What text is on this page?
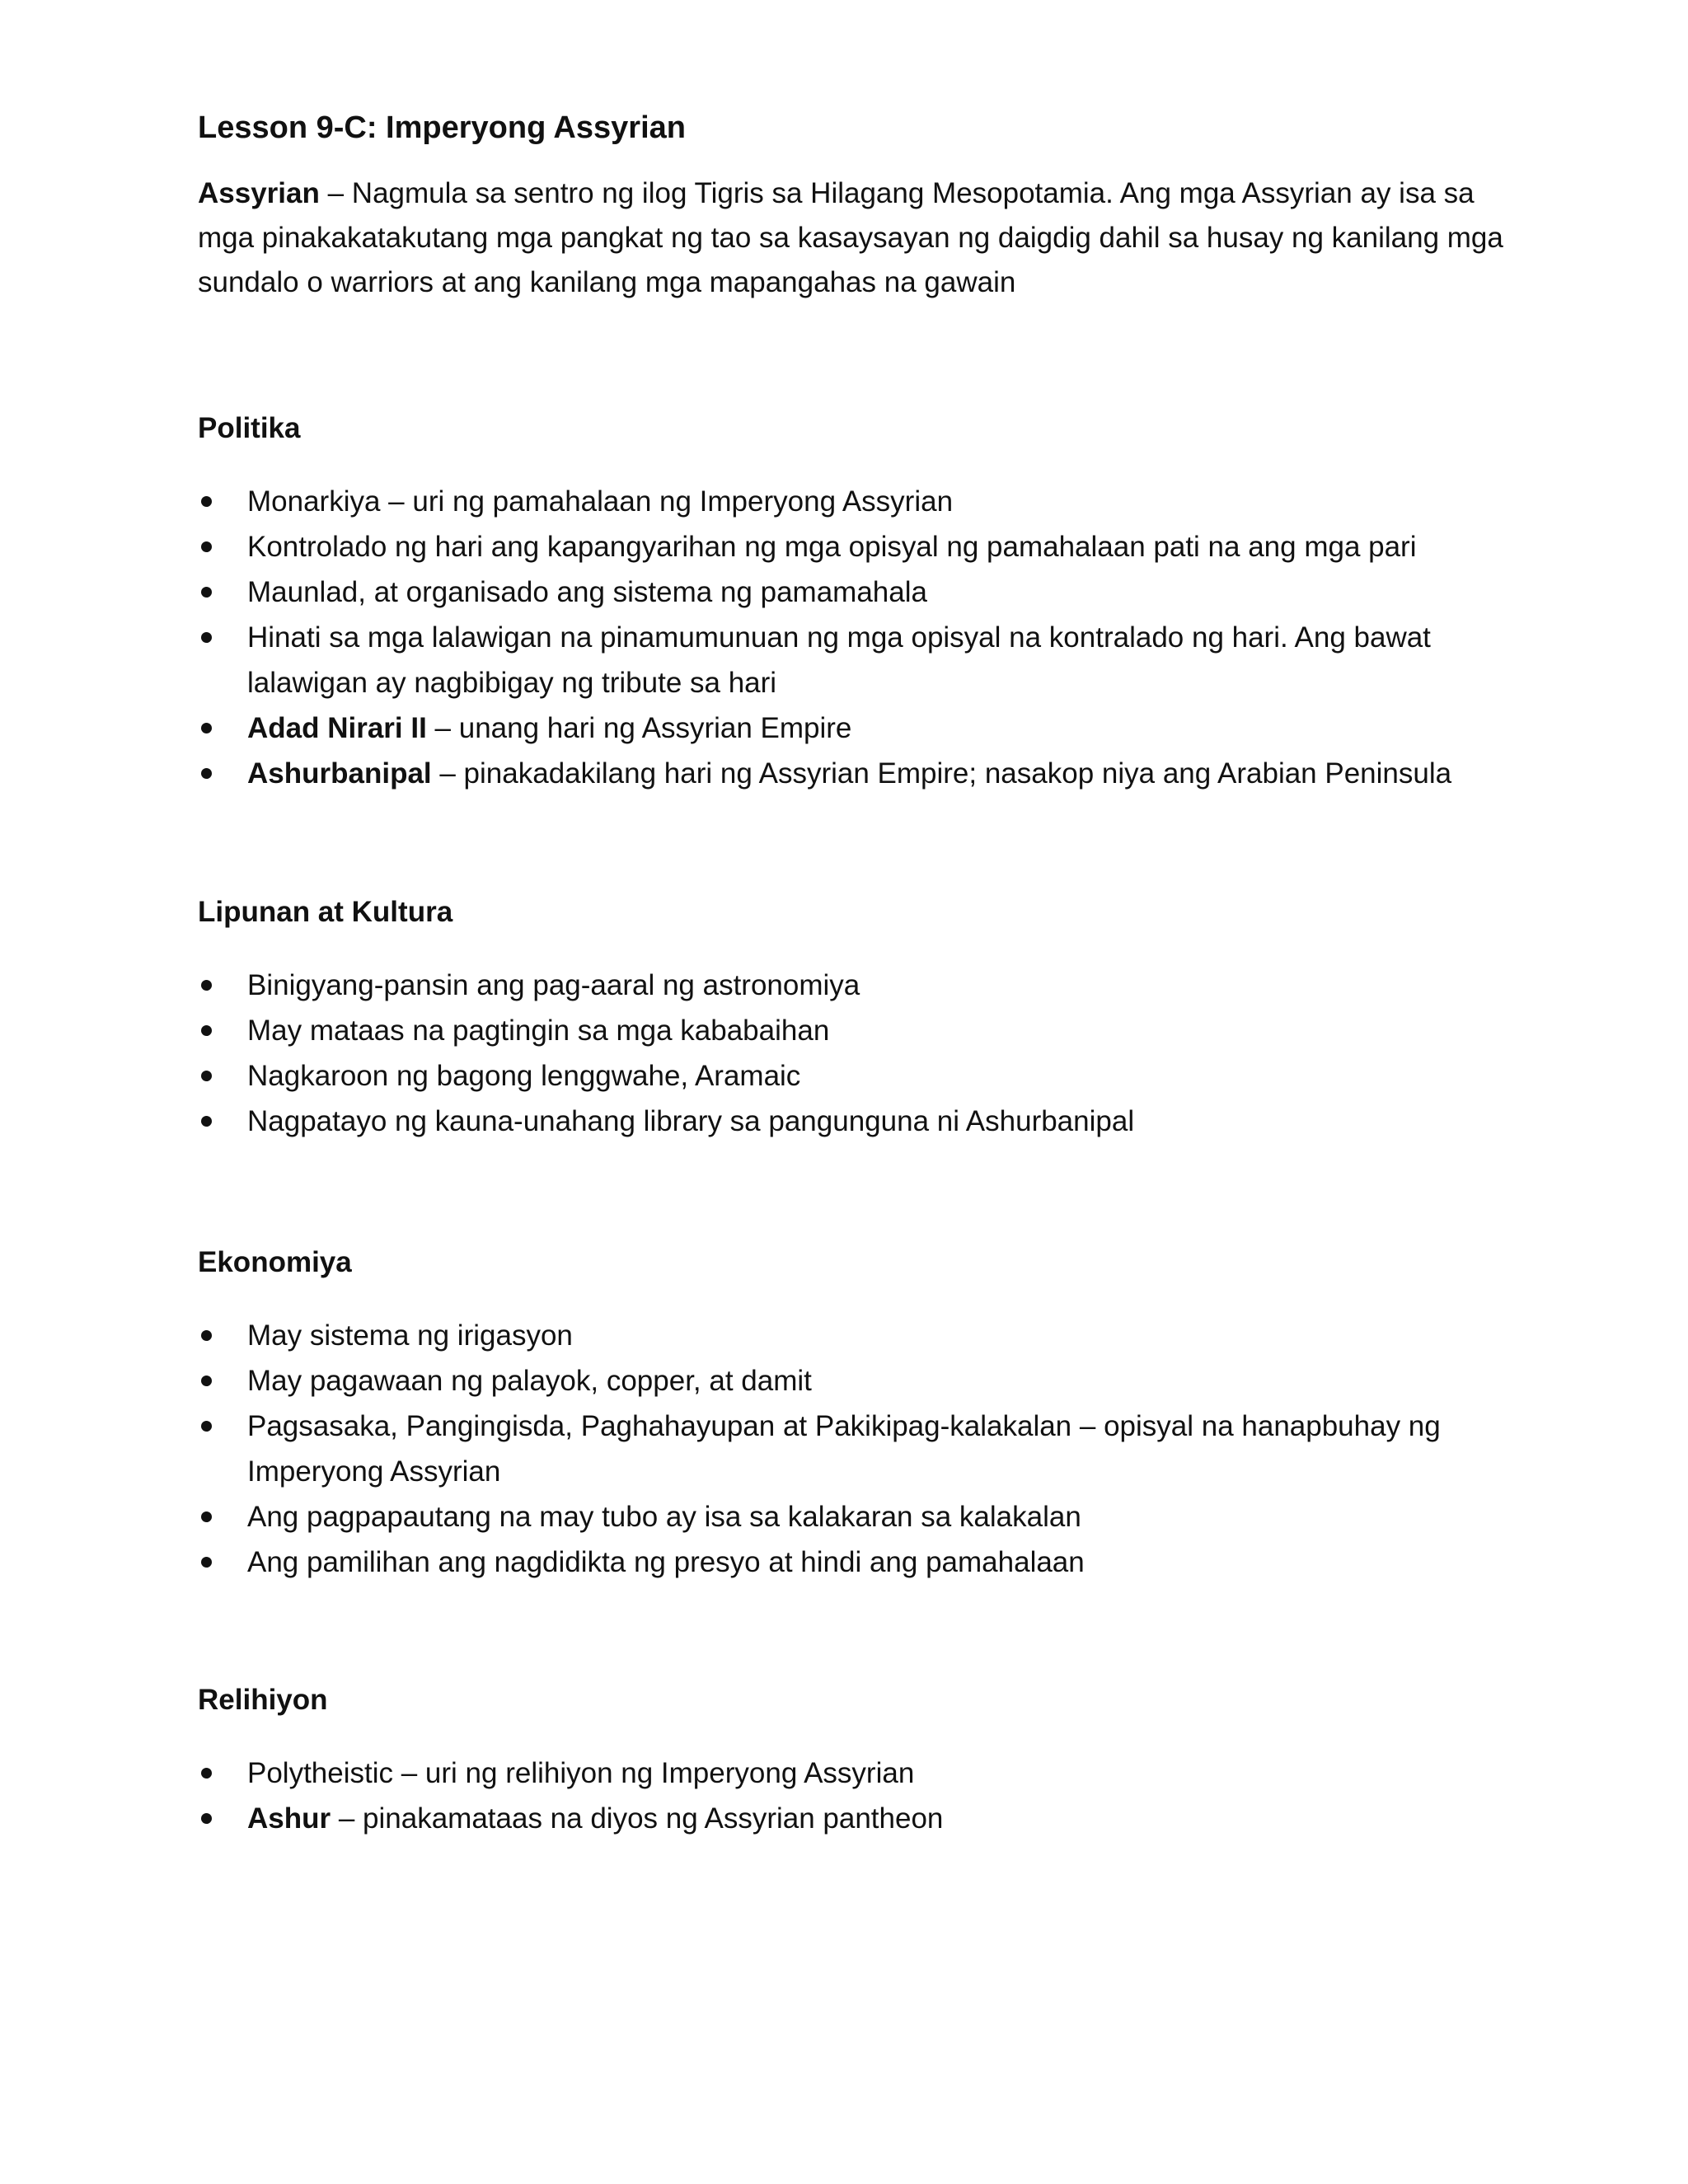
Lesson 9-C: Imperyong Assyrian

Assyrian – Nagmula sa sentro ng ilog Tigris sa Hilagang Mesopotamia. Ang mga Assyrian ay isa sa mga pinakakatakutang mga pangkat ng tao sa kasaysayan ng daigdig dahil sa husay ng kanilang mga sundalo o warriors at ang kanilang mga mapangahas na gawain

Politika
Monarkiya – uri ng pamahalaan ng Imperyong Assyrian
Kontrolado ng hari ang kapangyarihan ng mga opisyal ng pamahalaan pati na ang mga pari
Maunlad, at organisado ang sistema ng pamamahala
Hinati sa mga lalawigan na pinamumunuan ng mga opisyal na kontralado ng hari. Ang bawat lalawigan ay nagbibigay ng tribute sa hari
Adad Nirari II – unang hari ng Assyrian Empire
Ashurbanipal – pinakadakilang hari ng Assyrian Empire; nasakop niya ang Arabian Peninsula
Lipunan at Kultura
Binigyang-pansin ang pag-aaral ng astronomiya
May mataas na pagtingin sa mga kababaihan
Nagkaroon ng bagong lenggwahe, Aramaic
Nagpatayo ng kauna-unahang library sa pangunguna ni Ashurbanipal
Ekonomiya
May sistema ng irigasyon
May pagawaan ng palayok, copper, at damit
Pagsasaka, Pangingisda, Paghahayupan at Pakikipag-kalakalan – opisyal na hanapbuhay ng Imperyong Assyrian
Ang pagpapautang na may tubo ay isa sa kalakaran sa kalakalan
Ang pamilihan ang nagdidikta ng presyo at hindi ang pamahalaan
Relihiyon
Polytheistic – uri ng relihiyon ng Imperyong Assyrian
Ashur – pinakamataas na diyos ng Assyrian pantheon
